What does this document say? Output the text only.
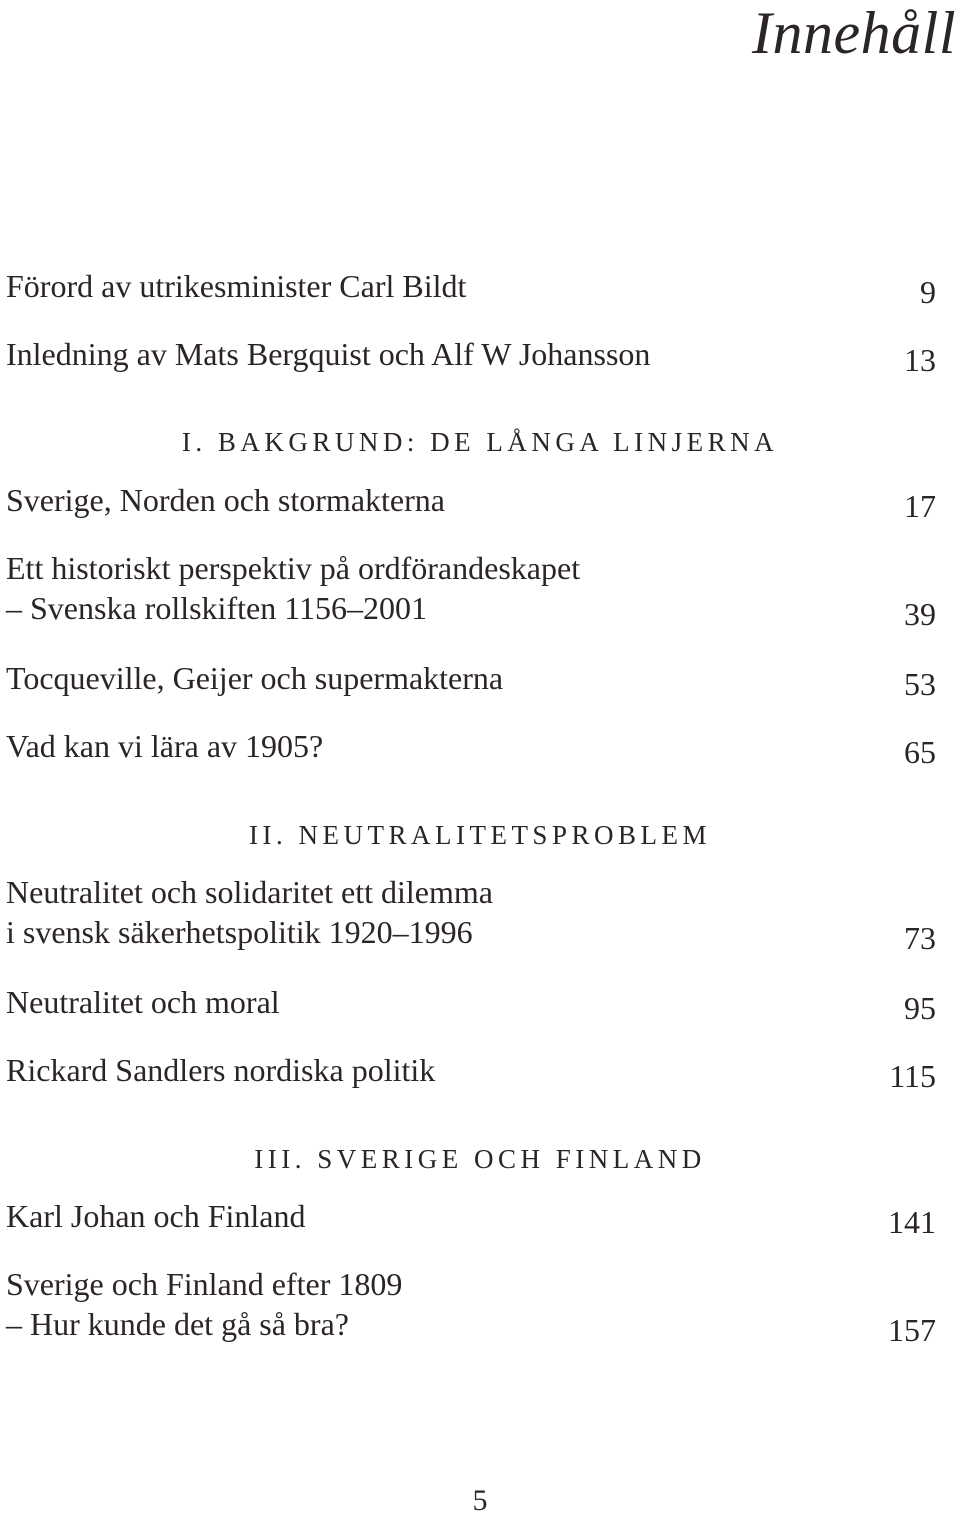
Innehåll
Förord av utrikesminister Carl Bildt	9
Inledning av Mats Bergquist och Alf W Johansson	13
I. BAKGRUND: DE LÅNGA LINJERNA
Sverige, Norden och stormakterna	17
Ett historiskt perspektiv på ordförandeskapet
– Svenska rollskiften 1156–2001	39
Tocqueville, Geijer och supermakterna	53
Vad kan vi lära av 1905?	65
II. NEUTRALITETSPROBLEM
Neutralitet och solidaritet ett dilemma
i svensk säkerhetspolitik 1920–1996	73
Neutralitet och moral	95
Rickard Sandlers nordiska politik	115
III. SVERIGE OCH FINLAND
Karl Johan och Finland	141
Sverige och Finland efter 1809
– Hur kunde det gå så bra?	157
5
